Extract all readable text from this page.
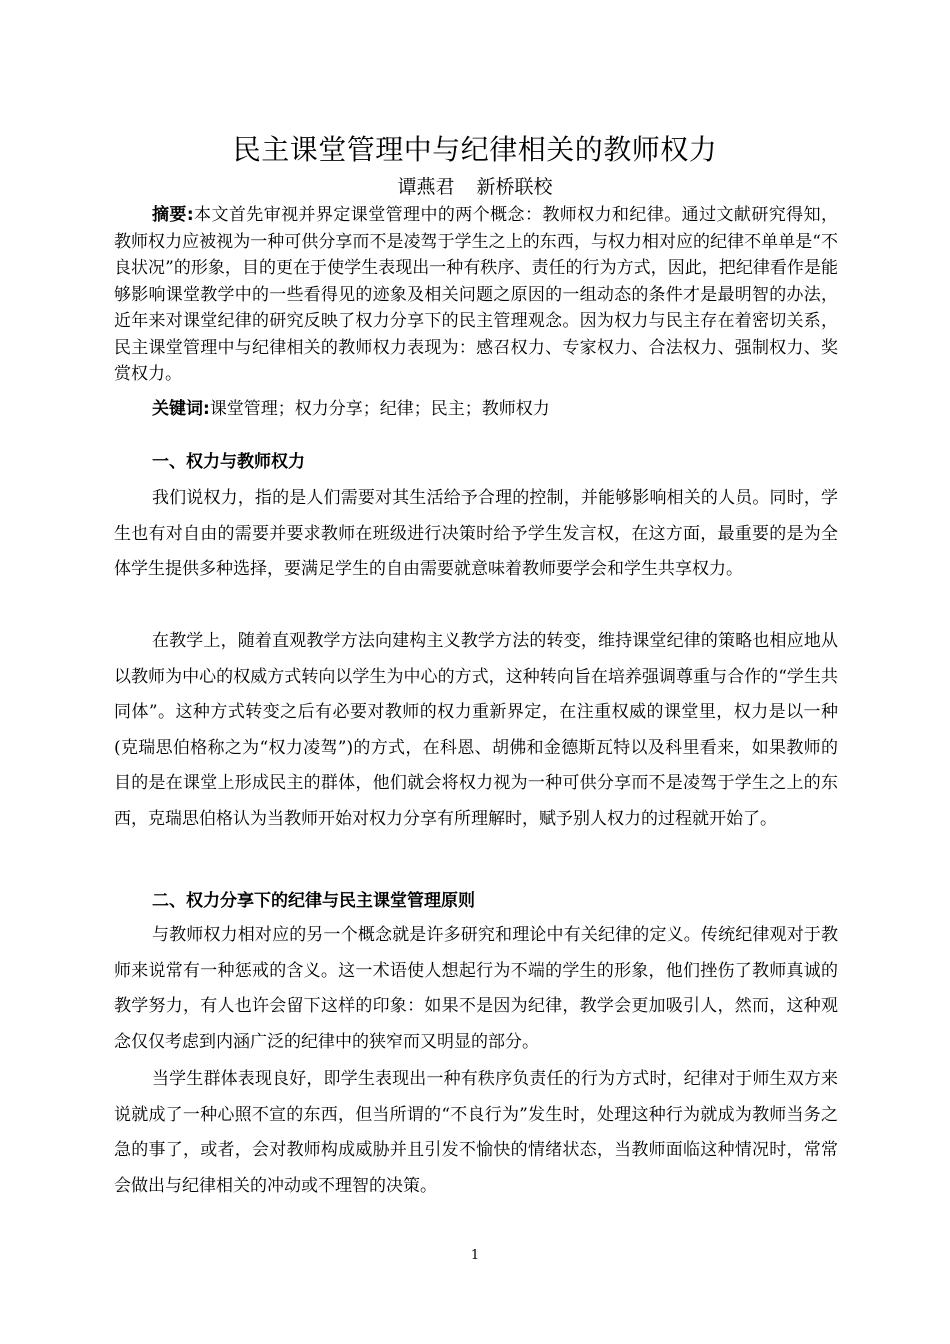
民主课堂管理中与纪律相关的教师权力
谭燕君 新桥联校

摘要:本文首先审视并界定课堂管理中的两个概念：教师权力和纪律。通过文献研究得知，教师权力应被视为一种可供分享而不是凌驾于学生之上的东西，与权力相对应的纪律不单单是“不良状况”的形象，目的更在于使学生表现出一种有秩序、责任的行为方式，因此，把纪律看作是能够影响课堂教学中的一些看得见的迹象及相关问题之原因的一组动态的条件才是最明智的办法，近年来对课堂纪律的研究反映了权力分享下的民主管理观念。因为权力与民主存在着密切关系，民主课堂管理中与纪律相关的教师权力表现为：感召权力、专家权力、合法权力、强制权力、奖赏权力。

关键词:课堂管理；权力分享；纪律；民主；教师权力

一、权力与教师权力

我们说权力，指的是人们需要对其生活给予合理的控制，并能够影响相关的人员。同时，学生也有对自由的需要并要求教师在班级进行决策时给予学生发言权，在这方面，最重要的是为全体学生提供多种选择，要满足学生的自由需要就意味着教师要学会和学生共享权力。

在教学上，随着直观教学方法向建构主义教学方法的转变，维持课堂纪律的策略也相应地从以教师为中心的权威方式转向以学生为中心的方式，这种转向旨在培养强调尊重与合作的“学生共同体”。这种方式转变之后有必要对教师的权力重新界定，在注重权威的课堂里，权力是以一种(克瑞思伯格称之为“权力凌驾”)的方式，在科恩、胡佛和金德斯瓦特以及科里看来，如果教师的目的是在课堂上形成民主的群体，他们就会将权力视为一种可供分享而不是凌驾于学生之上的东西，克瑞思伯格认为当教师开始对权力分享有所理解时，赋予别人权力的过程就开始了。

二、权力分享下的纪律与民主课堂管理原则

与教师权力相对应的另一个概念就是许多研究和理论中有关纪律的定义。传统纪律观对于教师来说常有一种惩戒的含义。这一术语使人想起行为不端的学生的形象，他们挫伤了教师真诚的教学努力，有人也许会留下这样的印象：如果不是因为纪律，教学会更加吸引人，然而，这种观念仅仅考虑到内涵广泛的纪律中的狭窄而又明显的部分。

当学生群体表现良好，即学生表现出一种有秩序负责任的行为方式时，纪律对于师生双方来说就成了一种心照不宣的东西，但当所谓的“不良行为”发生时，处理这种行为就成为教师当务之急的事了，或者，会对教师构成威胁并且引发不愉快的情绪状态，当教师面临这种情况时，常常会做出与纪律相关的冲动或不理智的决策。

1
